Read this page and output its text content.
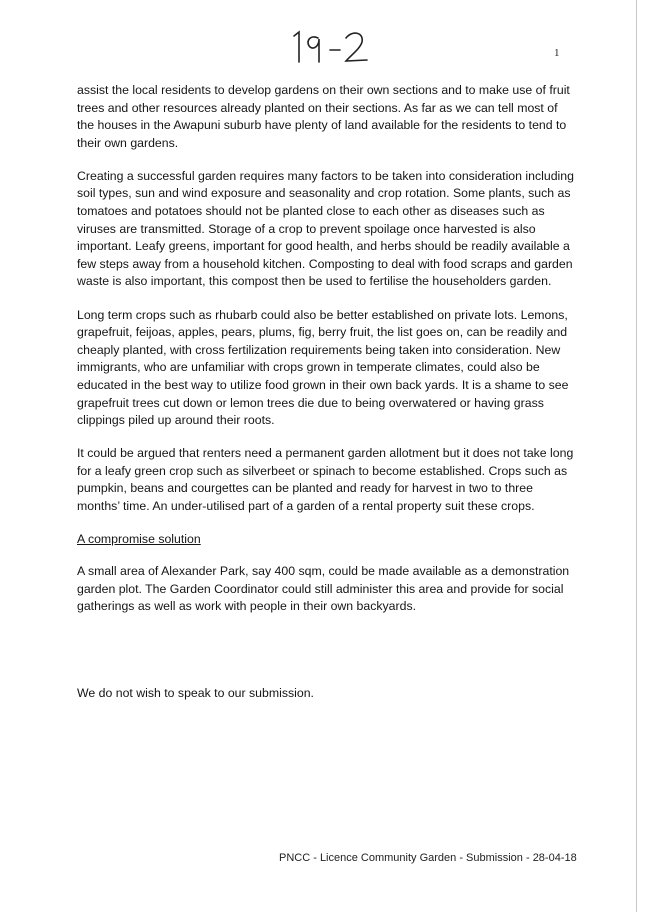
1

assist the local residents to develop gardens on their own sections and to make use of fruit trees and other resources already planted on their sections. As far as we can tell most of the houses in the Awapuni suburb have plenty of land available for the residents to tend to their own gardens.

Creating a successful garden requires many factors to be taken into consideration including soil types, sun and wind exposure and seasonality and crop rotation. Some plants, such as tomatoes and potatoes should not be planted close to each other as diseases such as viruses are transmitted. Storage of a crop to prevent spoilage once harvested is also important. Leafy greens, important for good health, and herbs should be readily available a few steps away from a household kitchen. Composting to deal with food scraps and garden waste is also important, this compost then be used to fertilise the householders garden.

Long term crops such as rhubarb could also be better established on private lots. Lemons, grapefruit, feijoas, apples, pears, plums, fig, berry fruit, the list goes on, can be readily and cheaply planted, with cross fertilization requirements being taken into consideration. New immigrants, who are unfamiliar with crops grown in temperate climates, could also be educated in the best way to utilize food grown in their own back yards. It is a shame to see grapefruit trees cut down or lemon trees die due to being overwatered or having grass clippings piled up around their roots.

It could be argued that renters need a permanent garden allotment but it does not take long for a leafy green crop such as silverbeet or spinach to become established. Crops such as pumpkin, beans and courgettes can be planted and ready for harvest in two to three months’ time. An under-utilised part of a garden of a rental property suit these crops.

A compromise solution

A small area of Alexander Park, say 400 sqm, could be made available as a demonstration garden plot. The Garden Coordinator could still administer this area and provide for social gatherings as well as work with people in their own backyards.

We do not wish to speak to our submission.
PNCC - Licence Community Garden - Submission - 28-04-18
